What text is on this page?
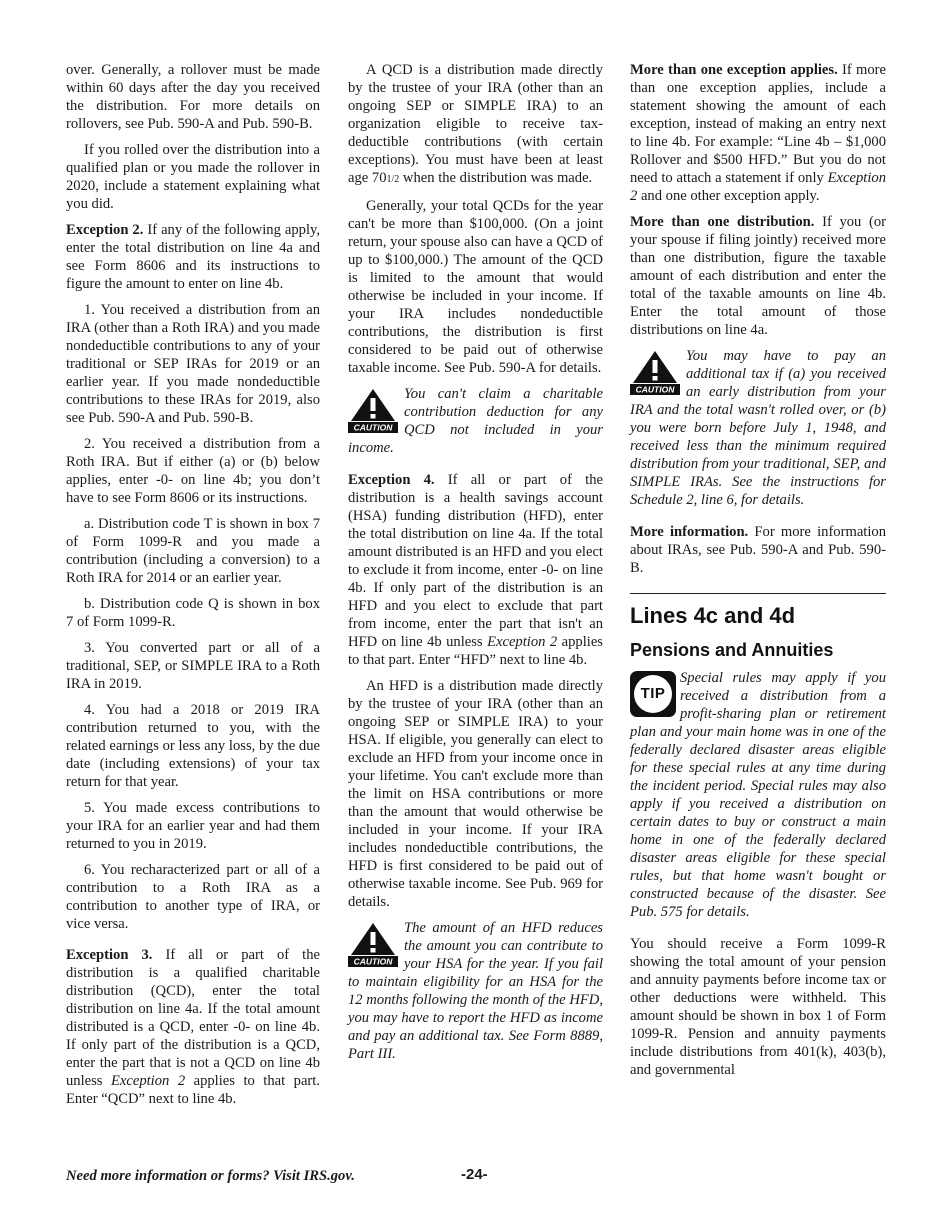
over. Generally, a rollover must be made within 60 days after the day you received the distribution. For more details on rollovers, see Pub. 590-A and Pub. 590-B.

If you rolled over the distribution into a qualified plan or you made the rollover in 2020, include a statement explaining what you did.

Exception 2. If any of the following apply, enter the total distribution on line 4a and see Form 8606 and its instructions to figure the amount to enter on line 4b.

1. You received a distribution from an IRA (other than a Roth IRA) and you made nondeductible contributions to any of your traditional or SEP IRAs for 2019 or an earlier year. If you made nondeductible contributions to these IRAs for 2019, also see Pub. 590-A and Pub. 590-B.

2. You received a distribution from a Roth IRA. But if either (a) or (b) below applies, enter -0- on line 4b; you don’t have to see Form 8606 or its instructions.

a. Distribution code T is shown in box 7 of Form 1099-R and you made a contribution (including a conversion) to a Roth IRA for 2014 or an earlier year.

b. Distribution code Q is shown in box 7 of Form 1099-R.

3. You converted part or all of a traditional, SEP, or SIMPLE IRA to a Roth IRA in 2019.

4. You had a 2018 or 2019 IRA contribution returned to you, with the related earnings or less any loss, by the due date (including extensions) of your tax return for that year.

5. You made excess contributions to your IRA for an earlier year and had them returned to you in 2019.

6. You recharacterized part or all of a contribution to a Roth IRA as a contribution to another type of IRA, or vice versa.

Exception 3. If all or part of the distribution is a qualified charitable distribution (QCD), enter the total distribution on line 4a. If the total amount distributed is a QCD, enter -0- on line 4b. If only part of the distribution is a QCD, enter the part that is not a QCD on line 4b unless Exception 2 applies to that part. Enter “QCD” next to line 4b.

A QCD is a distribution made directly by the trustee of your IRA (other than an ongoing SEP or SIMPLE IRA) to an organization eligible to receive tax-deductible contributions (with certain exceptions). You must have been at least age 701/2 when the distribution was made.

Generally, your total QCDs for the year can't be more than $100,000. (On a joint return, your spouse also can have a QCD of up to $100,000.) The amount of the QCD is limited to the amount that would otherwise be included in your income. If your IRA includes nondeductible contributions, the distribution is first considered to be paid out of otherwise taxable income. See Pub. 590-A for details.

CAUTION
You can't claim a charitable contribution deduction for any QCD not included in your income.

Exception 4. If all or part of the distribution is a health savings account (HSA) funding distribution (HFD), enter the total distribution on line 4a. If the total amount distributed is an HFD and you elect to exclude it from income, enter -0- on line 4b. If only part of the distribution is an HFD and you elect to exclude that part from income, enter the part that isn't an HFD on line 4b unless Exception 2 applies to that part. Enter “HFD” next to line 4b.

An HFD is a distribution made directly by the trustee of your IRA (other than an ongoing SEP or SIMPLE IRA) to your HSA. If eligible, you generally can elect to exclude an HFD from your income once in your lifetime. You can't exclude more than the limit on HSA contributions or more than the amount that would otherwise be included in your income. If your IRA includes nondeductible contributions, the HFD is first considered to be paid out of otherwise taxable income. See Pub. 969 for details.

CAUTION
The amount of an HFD reduces the amount you can contribute to your HSA for the year. If you fail to maintain eligibility for an HSA for the 12 months following the month of the HFD, you may have to report the HFD as income and pay an additional tax. See Form 8889, Part III.

More than one exception applies. If more than one exception applies, include a statement showing the amount of each exception, instead of making an entry next to line 4b. For example: “Line 4b – $1,000 Rollover and $500 HFD.” But you do not need to attach a statement if only Exception 2 and one other exception apply.

More than one distribution. If you (or your spouse if filing jointly) received more than one distribution, figure the taxable amount of each distribution and enter the total of the taxable amounts on line 4b. Enter the total amount of those distributions on line 4a.

CAUTION
You may have to pay an additional tax if (a) you received an early distribution from your IRA and the total wasn't rolled over, or (b) you were born before July 1, 1948, and received less than the minimum required distribution from your traditional, SEP, and SIMPLE IRAs. See the instructions for Schedule 2, line 6, for details.

More information. For more information about IRAs, see Pub. 590-A and Pub. 590-B.

Lines 4c and 4d
Pensions and Annuities
TIP
Special rules may apply if you received a distribution from a profit-sharing plan or retirement plan and your main home was in one of the federally declared disaster areas eligible for these special rules at any time during the incident period. Special rules may also apply if you received a distribution on certain dates to buy or construct a main home in one of the federally declared disaster areas eligible for these special rules, but that home wasn't bought or constructed because of the disaster. See Pub. 575 for details.

You should receive a Form 1099-R showing the total amount of your pension and annuity payments before income tax or other deductions were withheld. This amount should be shown in box 1 of Form 1099-R. Pension and annuity payments include distributions from 401(k), 403(b), and governmental

Need more information or forms? Visit IRS.gov.	-24-
